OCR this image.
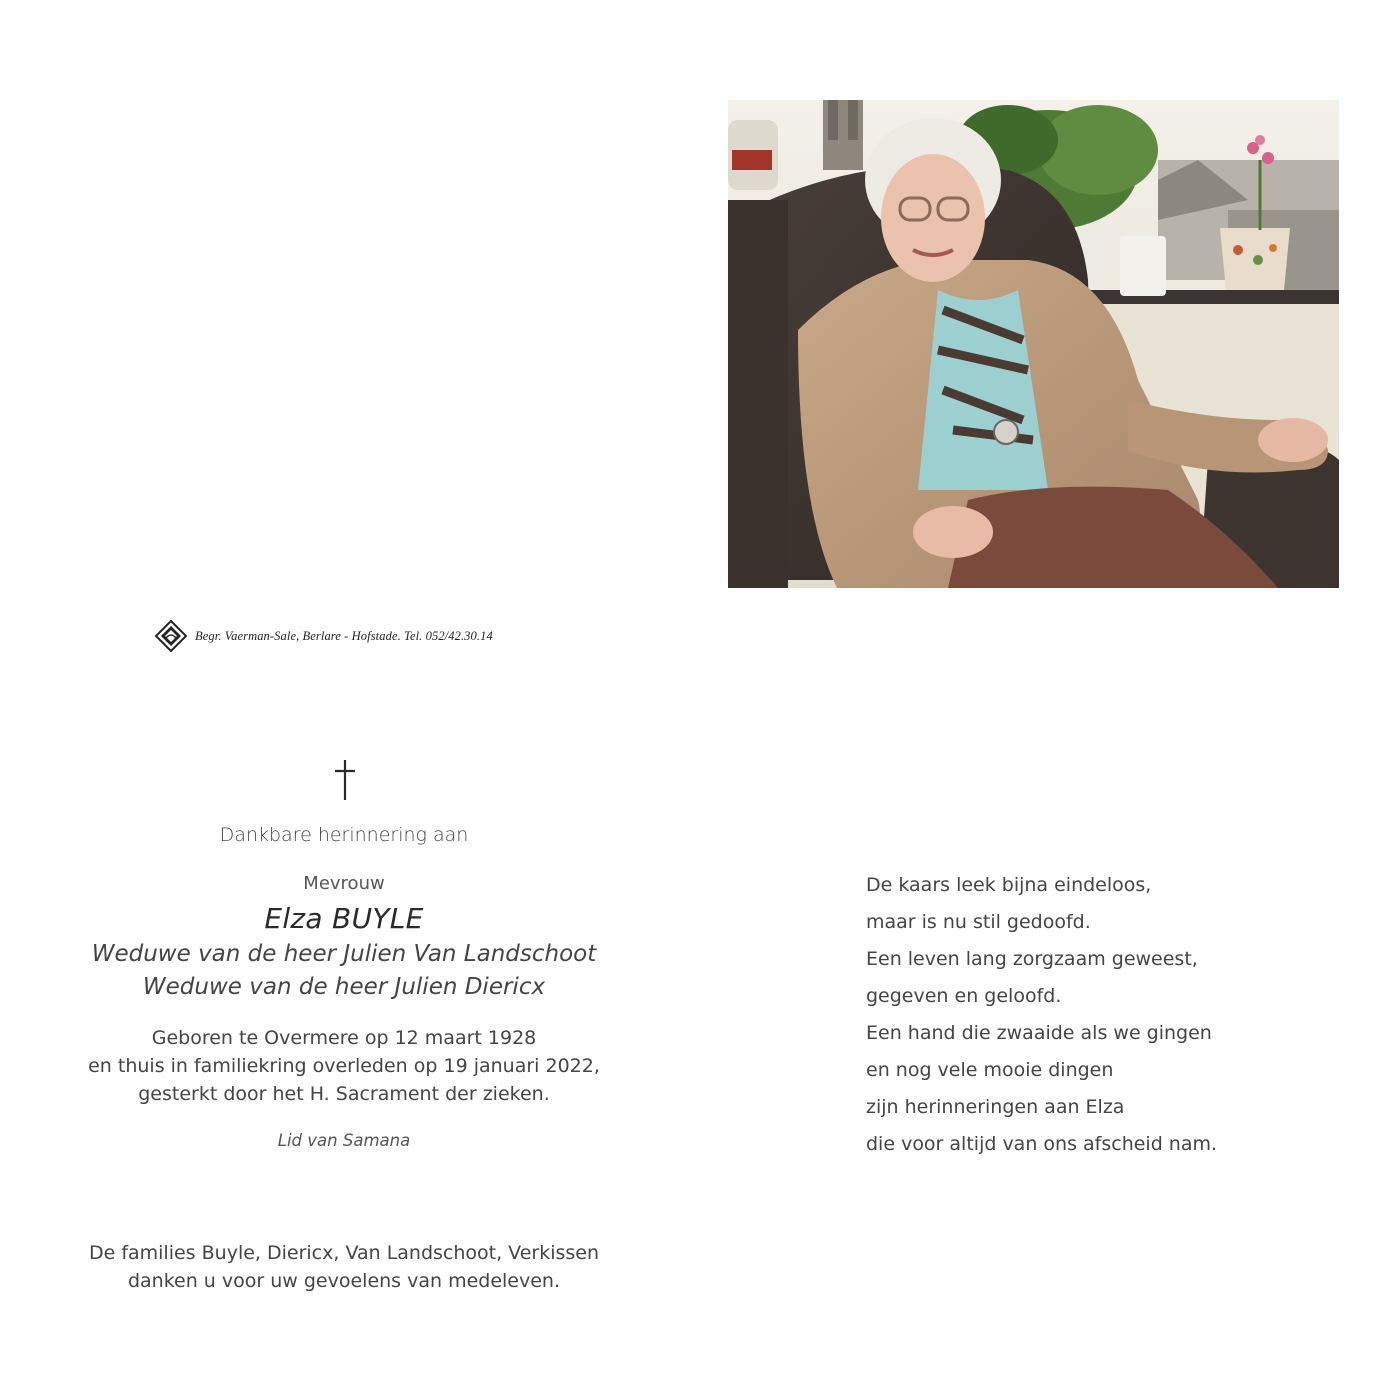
Begr. Vaerman-Sale, Berlare - Hofstade. Tel. 052/42.30.14
Dankbare herinnering aan
Mevrouw
Elza BUYLE
Weduwe van de heer Julien Van Landschoot
Weduwe van de heer Julien Diericx
Geboren te Overmere op 12 maart 1928
en thuis in familiekring overleden op 19 januari 2022,
gesterkt door het H. Sacrament der zieken.
Lid van Samana
De families Buyle, Diericx, Van Landschoot, Verkissen
danken u voor uw gevoelens van medeleven.
De kaars leek bijna eindeloos,
maar is nu stil gedoofd.
Een leven lang zorgzaam geweest,
gegeven en geloofd.
Een hand die zwaaide als we gingen
en nog vele mooie dingen
zijn herinneringen aan Elza
die voor altijd van ons afscheid nam.
